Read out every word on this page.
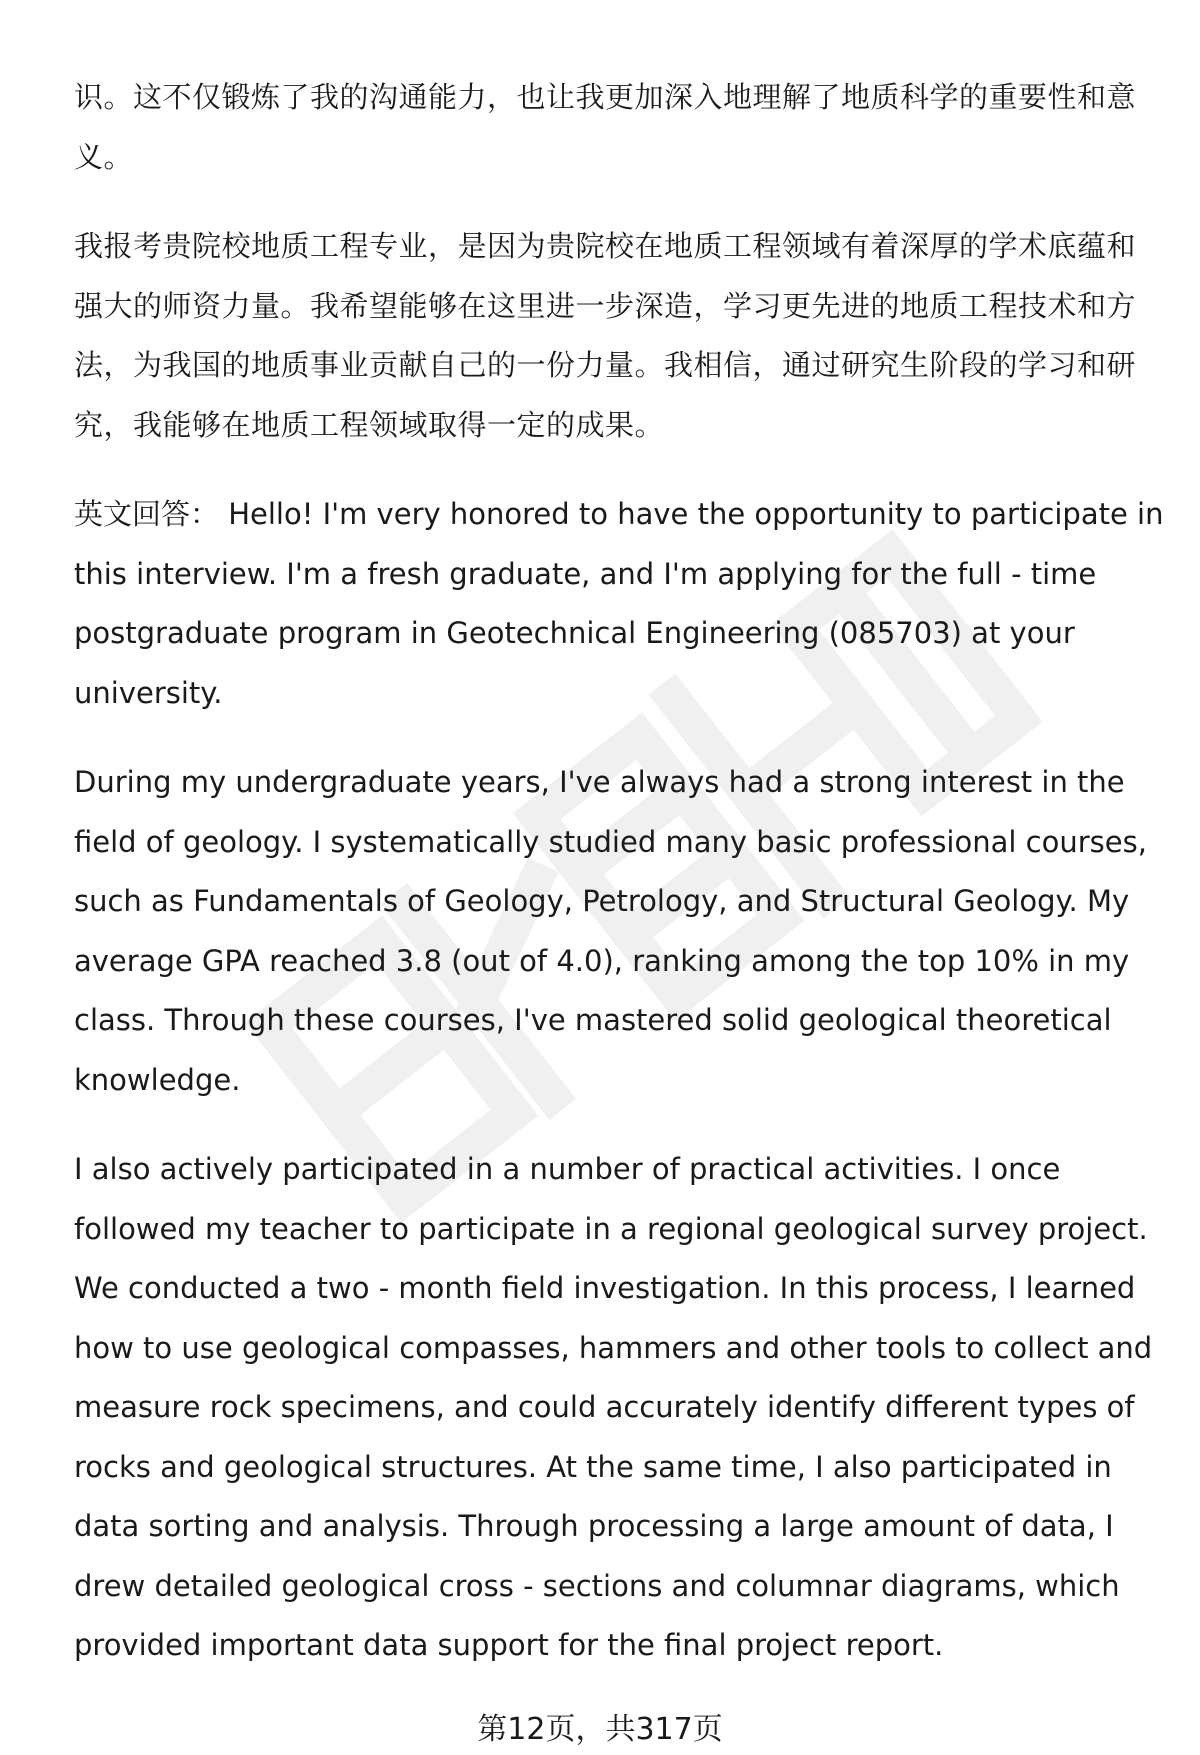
识。这不仅锻炼了我的沟通能力，也让我更加深入地理解了地质科学的重要性和意义。

我报考贵院校地质工程专业，是因为贵院校在地质工程领域有着深厚的学术底蕴和强大的师资力量。我希望能够在这里进一步深造，学习更先进的地质工程技术和方法，为我国的地质事业贡献自己的一份力量。我相信，通过研究生阶段的学习和研究，我能够在地质工程领域取得一定的成果。

英文回答： Hello! I'm very honored to have the opportunity to participate in this interview. I'm a fresh graduate, and I'm applying for the full - time postgraduate program in Geotechnical Engineering (085703) at your university.

During my undergraduate years, I've always had a strong interest in the field of geology. I systematically studied many basic professional courses, such as Fundamentals of Geology, Petrology, and Structural Geology. My average GPA reached 3.8 (out of 4.0), ranking among the top 10% in my class. Through these courses, I've mastered solid geological theoretical knowledge.

I also actively participated in a number of practical activities. I once followed my teacher to participate in a regional geological survey project. We conducted a two - month field investigation. In this process, I learned how to use geological compasses, hammers and other tools to collect and measure rock specimens, and could accurately identify different types of rocks and geological structures. At the same time, I also participated in data sorting and analysis. Through processing a large amount of data, I drew detailed geological cross - sections and columnar diagrams, which provided important data support for the final project report.

第12页，共317页
